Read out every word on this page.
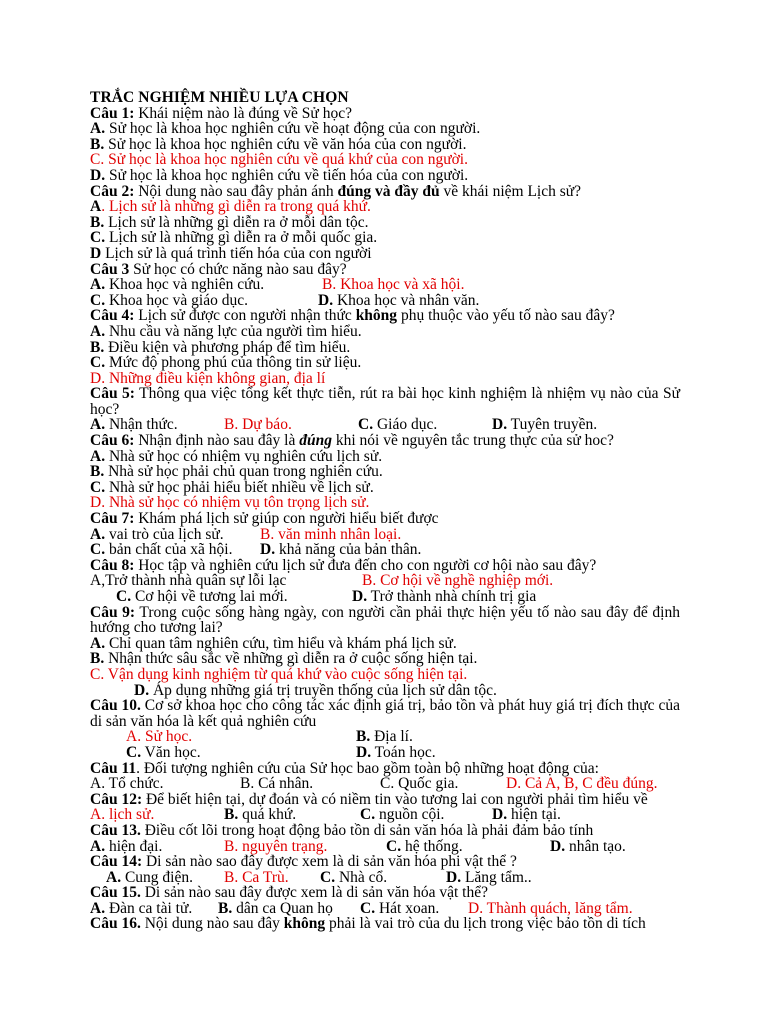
TRẮC NGHIỆM NHIỀU LỰA CHỌN
Câu 1: Khái niệm nào là đúng về Sử học?
A. Sử học là khoa học nghiên cứu về hoạt động của con người.
B. Sử học là khoa học nghiên cứu về văn hóa của con người.
C. Sử học là khoa học nghiên cứu về quá khứ của con người.
D. Sử học là khoa học nghiên cứu về tiến hóa của con người.
Câu 2: Nội dung nào sau đây phản ánh đúng và đầy đủ về khái niệm Lịch sử?
A. Lịch sử là những gì diễn ra trong quá khứ.
B. Lịch sử là những gì diễn ra ở mỗi dân tộc.
C. Lịch sử là những gì diễn ra ở mỗi quốc gia.
D Lịch sử là quá trình tiến hóa của con người
Câu 3 Sử học có chức năng nào sau đây?
A. Khoa học và nghiên cứu.	B. Khoa học và xã hội.
C. Khoa học và giáo dục.	D. Khoa học và nhân văn.
Câu 4: Lịch sử được con người nhận thức không phụ thuộc vào yếu tố nào sau đây?
A. Nhu cầu và năng lực của người tìm hiểu.
B. Điều kiện và phương pháp để tìm hiểu.
C. Mức độ phong phú của thông tin sử liệu.
D. Những điều kiện không gian, địa lí
Câu 5: Thông qua việc tổng kết thực tiễn, rút ra bài học kinh nghiệm là nhiệm vụ nào của Sử học?
A. Nhận thức.	B. Dự báo.	C. Giáo dục.	D. Tuyên truyền.
Câu 6: Nhận định nào sau đây là đúng khi nói về nguyên tắc trung thực của sử hoc?
A. Nhà sử học có nhiệm vụ nghiên cứu lịch sử.
B. Nhà sử học phải chủ quan trong nghiên cứu.
C. Nhà sử học phải hiểu biết nhiều về lịch sử.
D. Nhà sử học có nhiệm vụ tôn trọng lịch sử.
Câu 7: Khám phá lịch sử giúp con người hiểu biết được
A. vai trò của lịch sử. B. văn minh nhân loại.
C. bản chất của xã hội. D. khả năng của bản thân.
Câu 8: Học tập và nghiên cứu lịch sử đưa đến cho con người cơ hội nào sau đây?
A,Trở thành nhà quân sự lỗi lạc	B. Cơ hội về nghề nghiệp mới.
C. Cơ hội về tương lai mới.	D. Trở thành nhà chính trị gia
Câu 9: Trong cuộc sống hàng ngày, con người cần phải thực hiện yếu tố nào sau đây để định hướng cho tương lai?
A. Chỉ quan tâm nghiên cứu, tìm hiểu và khám phá lịch sử.
B. Nhận thức sâu sắc về những gì diễn ra ở cuộc sống hiện tại.
C. Vận dụng kinh nghiệm từ quá khứ vào cuộc sống hiện tại.
D. Áp dụng những giá trị truyền thống của lịch sử dân tộc.
Câu 10. Cơ sở khoa học cho công tác xác định giá trị, bảo tồn và phát huy giá trị đích thực của di sản văn hóa là kết quả nghiên cứu
A. Sử học.	B. Địa lí.
C. Văn học.	D. Toán học.
Câu 11. Đối tượng nghiên cứu của Sử học bao gồm toàn bộ những hoạt động của:
A. Tổ chức.	B. Cá nhân.	C. Quốc gia.	D. Cả A, B, C đều đúng.
Câu 12: Để biết hiện tại, dự đoán và có niềm tin vào tương lai con người phải tìm hiểu về
A. lịch sử.	B. quá khứ.	C. nguồn cội.	D. hiện tại.
Câu 13. Điều cốt lõi trong hoạt động bảo tồn di sản văn hóa là phải đảm bảo tính
A. hiện đại.	B. nguyên trạng.	C. hệ thống.	D. nhân tạo.
Câu 14: Di sản nào sao đây được xem là di sản văn hóa phi vật thể ?
A. Cung điện. B. Ca Trù. C. Nhà cổ.	D. Lăng tẩm..
Câu 15. Di sản nào sau đây được xem là di sản văn hóa vật thể?
A. Đàn ca tài tử. B. dân ca Quan họ C. Hát xoan. D. Thành quách, lăng tẩm.
Câu 16. Nội dung nào sau đây không phải là vai trò của du lịch trong việc bảo tồn di tích
